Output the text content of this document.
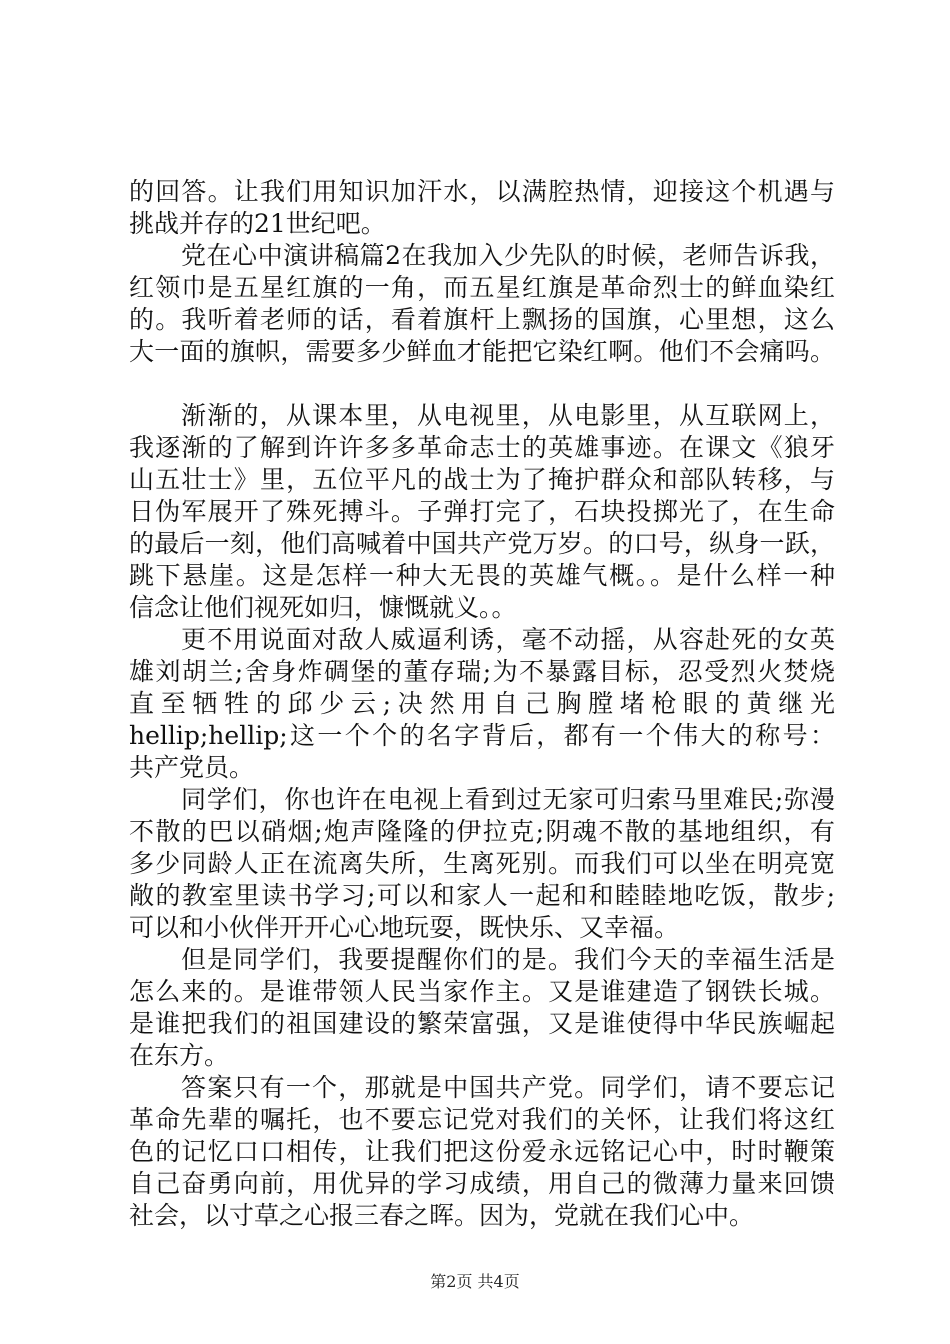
的回答。让我们用知识加汗水，以满腔热情，迎接这个机遇与
挑战并存的21世纪吧。
党在心中演讲稿篇2在我加入少先队的时候，老师告诉我，
红领巾是五星红旗的一角，而五星红旗是革命烈士的鲜血染红
的。我听着老师的话，看着旗杆上飘扬的国旗，心里想，这么
大一面的旗帜，需要多少鲜血才能把它染红啊。他们不会痛吗。
渐渐的，从课本里，从电视里，从电影里，从互联网上，
我逐渐的了解到许许多多革命志士的英雄事迹。在课文《狼牙
山五壮士》里，五位平凡的战士为了掩护群众和部队转移，与
日伪军展开了殊死搏斗。子弹打完了，石块投掷光了，在生命
的最后一刻，他们高喊着中国共产党万岁。的口号，纵身一跃，
跳下悬崖。这是怎样一种大无畏的英雄气概。。是什么样一种
信念让他们视死如归，慷慨就义。。
更不用说面对敌人威逼利诱，毫不动摇，从容赴死的女英
雄刘胡兰;舍身炸碉堡的董存瑞;为不暴露目标，忍受烈火焚烧
直至牺牲的邱少云;决然用自己胸膛堵枪眼的黄继光
hellip;hellip;这一个个的名字背后，都有一个伟大的称号：
共产党员。
同学们，你也许在电视上看到过无家可归索马里难民;弥漫
不散的巴以硝烟;炮声隆隆的伊拉克;阴魂不散的基地组织，有
多少同龄人正在流离失所，生离死别。而我们可以坐在明亮宽
敞的教室里读书学习;可以和家人一起和和睦睦地吃饭，散步;
可以和小伙伴开开心心地玩耍，既快乐、又幸福。
但是同学们，我要提醒你们的是。我们今天的幸福生活是
怎么来的。是谁带领人民当家作主。又是谁建造了钢铁长城。
是谁把我们的祖国建设的繁荣富强，又是谁使得中华民族崛起
在东方。
答案只有一个，那就是中国共产党。同学们，请不要忘记
革命先辈的嘱托，也不要忘记党对我们的关怀，让我们将这红
色的记忆口口相传，让我们把这份爱永远铭记心中，时时鞭策
自己奋勇向前，用优异的学习成绩，用自己的微薄力量来回馈
社会，以寸草之心报三春之晖。因为，党就在我们心中。
第2页 共4页
